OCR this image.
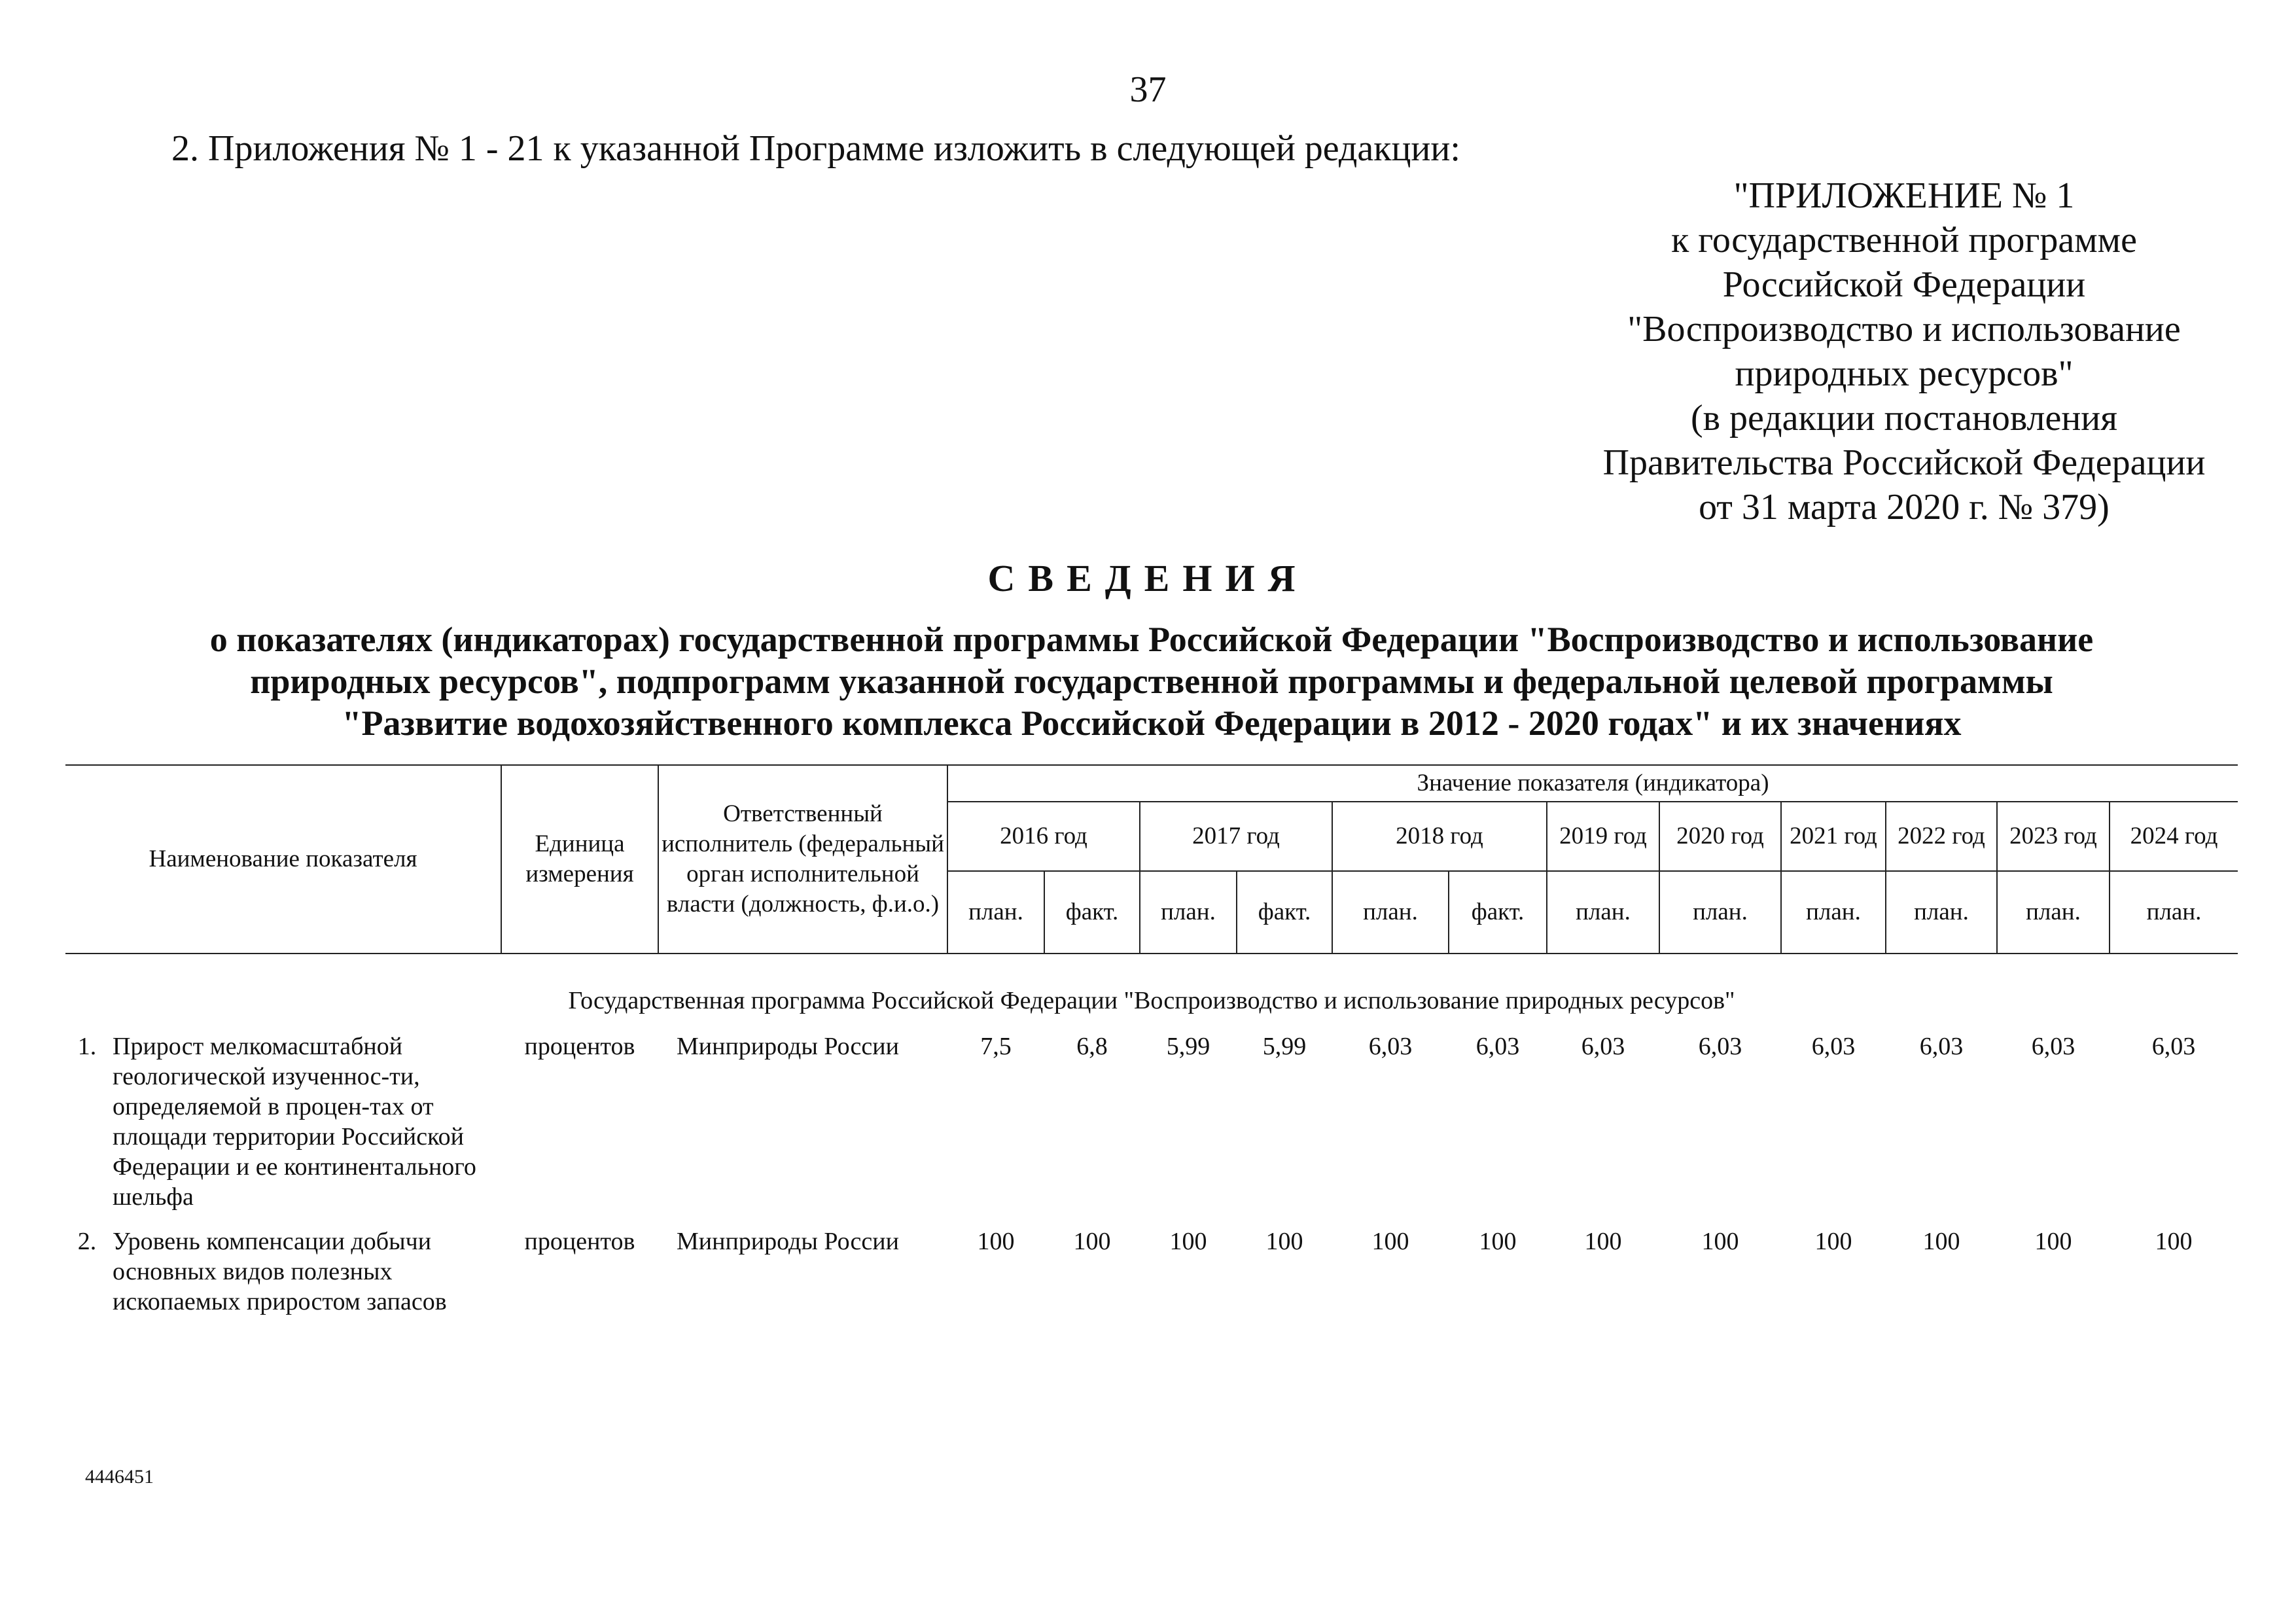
37
2. Приложения № 1 - 21 к указанной Программе изложить в следующей редакции:
"ПРИЛОЖЕНИЕ № 1
к государственной программе
Российской Федерации
"Воспроизводство и использование
природных ресурсов"
(в редакции постановления
Правительства Российской Федерации
от 31 марта 2020 г. № 379)
СВЕДЕНИЯ
о показателях (индикаторах) государственной программы Российской Федерации "Воспроизводство и использование
природных ресурсов", подпрограмм указанной государственной программы и федеральной целевой программы
"Развитие водохозяйственного комплекса Российской Федерации в 2012 - 2020 годах" и их значениях
Наименование показателя		Единица измерения	Ответственный исполнитель (федеральный орган исполнительной власти (должность, ф.и.о.)	Значение показателя (индикатора)											
				2016 год		2017 год		2018 год		2019 год	2020 год	2021 год	2022 год	2023 год	2024 год
				план.	факт.	план.	факт.	план.	факт.	план.	план.	план.	план.	план.	план.

Государственная программа Российской Федерации "Воспроизводство и использование природных ресурсов"															
1.	Прирост мелкомасштабной геологической изученнос-ти, определяемой в процен-тах от площади территории Российской Федерации и ее континентального шельфа	процентов	Минприроды России	7,5	6,8	5,99	5,99	6,03	6,03	6,03	6,03	6,03	6,03	6,03	6,03
2.	Уровень компенсации добычи основных видов полезных ископаемых приростом запасов	процентов	Минприроды России	100	100	100	100	100	100	100	100	100	100	100	100
4446451
